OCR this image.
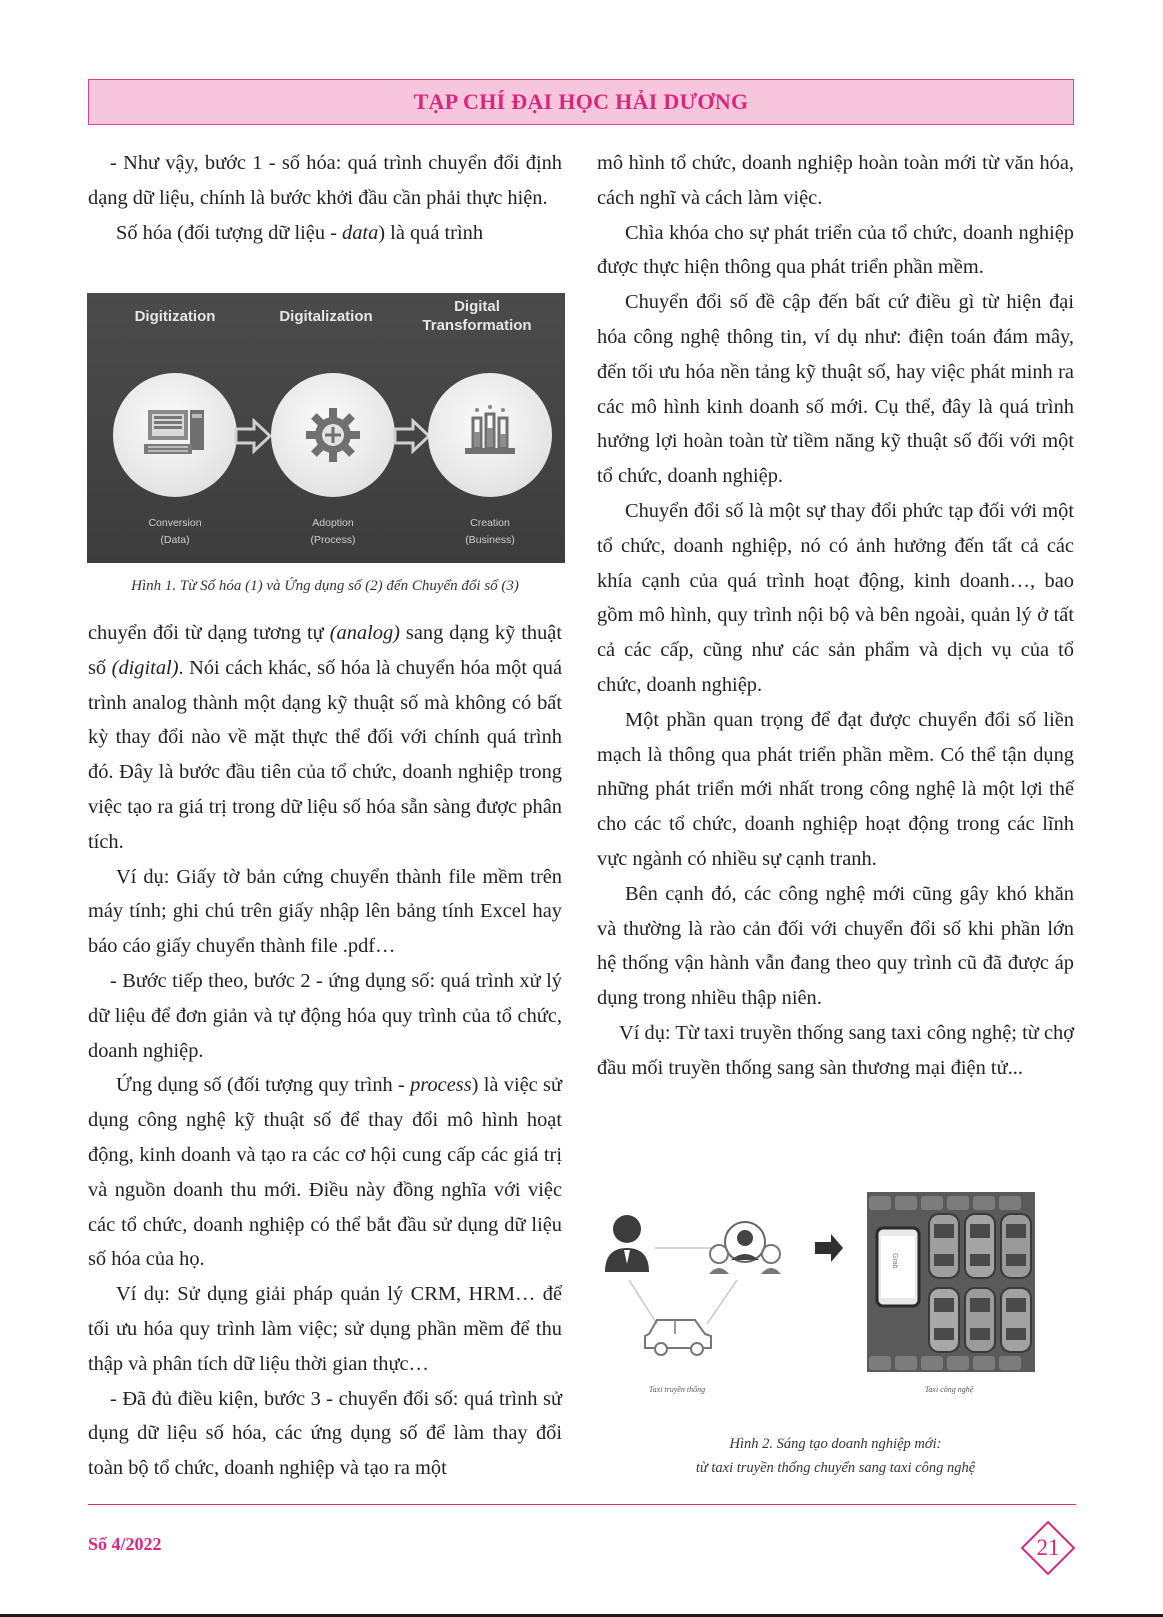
TẠP CHÍ ĐẠI HỌC HẢI DƯƠNG

- Như vậy, bước 1 - số hóa: quá trình chuyển đổi định dạng dữ liệu, chính là bước khởi đầu cần phải thực hiện.

Số hóa (đối tượng dữ liệu - data) là quá trình

Digitization	Digitalization
Digital
Transformation
Conversion
(Data)
Adoption
(Process)
Creation
(Business)
Hình 1. Từ Số hóa (1) và Ứng dụng số (2) đến Chuyển đổi số (3)

chuyển đổi từ dạng tương tự (analog) sang dạng kỹ thuật số (digital). Nói cách khác, số hóa là chuyển hóa một quá trình analog thành một dạng kỹ thuật số mà không có bất kỳ thay đổi nào về mặt thực thể đối với chính quá trình đó. Đây là bước đầu tiên của tổ chức, doanh nghiệp trong việc tạo ra giá trị trong dữ liệu số hóa sẵn sàng được phân tích.

Ví dụ: Giấy tờ bản cứng chuyển thành file mềm trên máy tính; ghi chú trên giấy nhập lên bảng tính Excel hay báo cáo giấy chuyển thành file .pdf…

- Bước tiếp theo, bước 2 - ứng dụng số: quá trình xử lý dữ liệu để đơn giản và tự động hóa quy trình của tổ chức, doanh nghiệp.

Ứng dụng số (đối tượng quy trình - process) là việc sử dụng công nghệ kỹ thuật số để thay đổi mô hình hoạt động, kinh doanh và tạo ra các cơ hội cung cấp các giá trị và nguồn doanh thu mới. Điều này đồng nghĩa với việc các tổ chức, doanh nghiệp có thể bắt đầu sử dụng dữ liệu số hóa của họ.

Ví dụ: Sử dụng giải pháp quản lý CRM, HRM… để tối ưu hóa quy trình làm việc; sử dụng phần mềm để thu thập và phân tích dữ liệu thời gian thực…

- Đã đủ điều kiện, bước 3 - chuyển đổi số: quá trình sử dụng dữ liệu số hóa, các ứng dụng số để làm thay đổi toàn bộ tổ chức, doanh nghiệp và tạo ra một

mô hình tổ chức, doanh nghiệp hoàn toàn mới từ văn hóa, cách nghĩ và cách làm việc.

Chìa khóa cho sự phát triển của tổ chức, doanh nghiệp được thực hiện thông qua phát triển phần mềm.

Chuyển đổi số đề cập đến bất cứ điều gì từ hiện đại hóa công nghệ thông tin, ví dụ như: điện toán đám mây, đến tối ưu hóa nền tảng kỹ thuật số, hay việc phát minh ra các mô hình kinh doanh số mới. Cụ thể, đây là quá trình hưởng lợi hoàn toàn từ tiềm năng kỹ thuật số đối với một tổ chức, doanh nghiệp.

Chuyển đổi số là một sự thay đổi phức tạp đối với một tổ chức, doanh nghiệp, nó có ảnh hưởng đến tất cả các khía cạnh của quá trình hoạt động, kinh doanh…, bao gồm mô hình, quy trình nội bộ và bên ngoài, quản lý ở tất cả các cấp, cũng như các sản phẩm và dịch vụ của tổ chức, doanh nghiệp.

Một phần quan trọng để đạt được chuyển đổi số liền mạch là thông qua phát triển phần mềm. Có thể tận dụng những phát triển mới nhất trong công nghệ là một lợi thế cho các tổ chức, doanh nghiệp hoạt động trong các lĩnh vực ngành có nhiều sự cạnh tranh.

Bên cạnh đó, các công nghệ mới cũng gây khó khăn và thường là rào cản đối với chuyển đổi số khi phần lớn hệ thống vận hành vẫn đang theo quy trình cũ đã được áp dụng trong nhiều thập niên.

Ví dụ: Từ taxi truyền thống sang taxi công nghệ; từ chợ đầu mối truyền thống sang sàn thương mại điện tử...

Grab
Taxi truyền thống	Taxi công nghệ
Hình 2. Sáng tạo doanh nghiệp mới:
từ taxi truyền thống chuyển sang taxi công nghệ
Số 4/2022	21
